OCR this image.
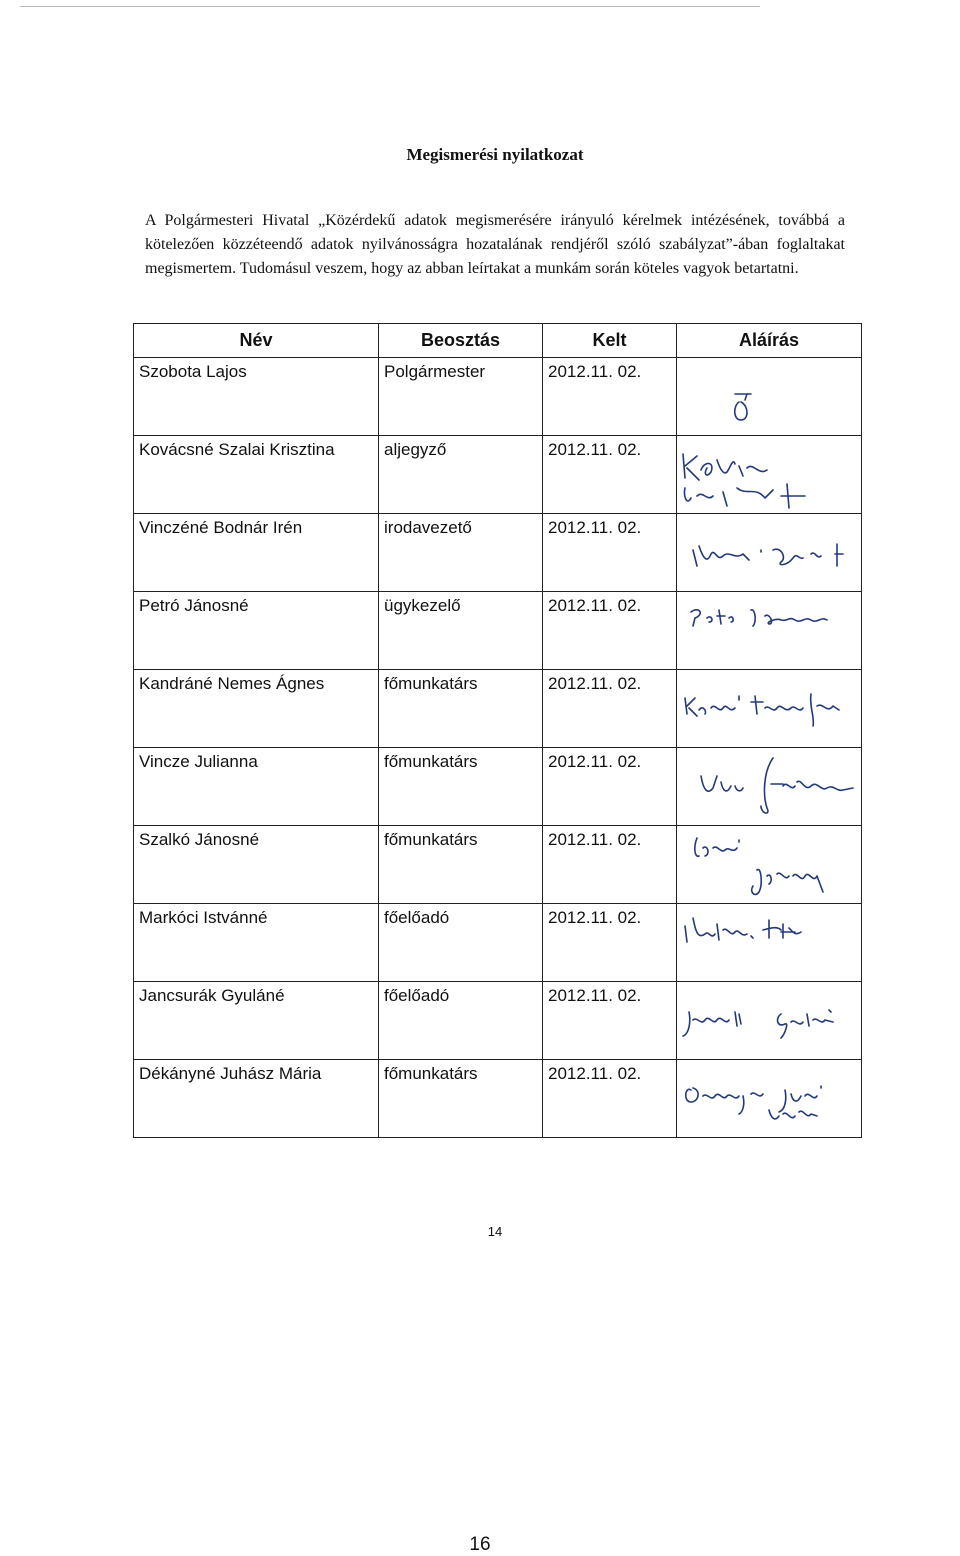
Megismerési nyilatkozat
A Polgármesteri Hivatal „Közérdekű adatok megismerésére irányuló kérelmek intézésének, továbbá a kötelezően közzéteendő adatok nyilvánosságra hozatalának rendjéről szóló szabályzat”-ában foglaltakat megismertem. Tudomásul veszem, hogy az abban leírtakat a munkám során köteles vagyok betartatni.
Név	Beosztás	Kelt	Aláírás
Szobota Lajos	Polgármester	2012.11. 02.	

Kovácsné Szalai Krisztina	aljegyző	2012.11. 02.	

Vinczéné Bodnár Irén	irodavezető	2012.11. 02.	

Petró Jánosné	ügykezelő	2012.11. 02.	

Kandráné Nemes Ágnes	főmunkatárs	2012.11. 02.	

Vincze Julianna	főmunkatárs	2012.11. 02.	

Szalkó Jánosné	főmunkatárs	2012.11. 02.	

Markóci Istvánné	főelőadó	2012.11. 02.	

Jancsurák Gyuláné	főelőadó	2012.11. 02.	

Dékányné Juhász Mária	főmunkatárs	2012.11. 02.	
14
16
